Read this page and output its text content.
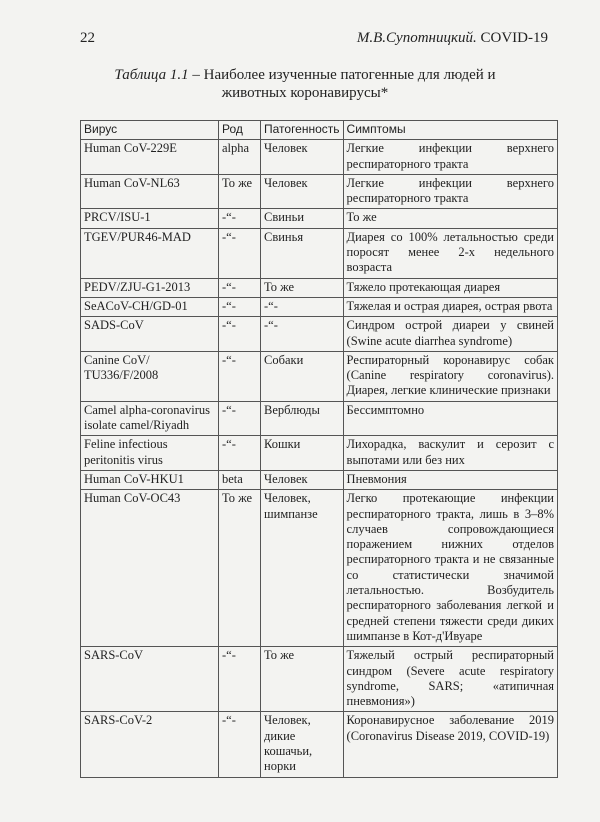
22	М.В.Супотницкий. COVID-19
Таблица 1.1 – Наиболее изученные патогенные для людей и животных коронавирусы*
Вирус	Род	Патогенность	Симптомы
Human CoV-229E	alpha	Человек	Легкие инфекции верхнего респираторного тракта
Human CoV-NL63	То же	Человек	Легкие инфекции верхнего респираторного тракта
PRCV/ISU-1	-“-	Свиньи	То же
TGEV/PUR46-MAD	-“-	Свинья	Диарея со 100% летальностью среди поросят менее 2-х недельного возраста
PEDV/ZJU-G1-2013	-“-	То же	Тяжело протекающая диарея
SeACoV-CH/GD-01	-“-	-“-	Тяжелая и острая диарея, острая рвота
SADS-CoV	-“-	-“-	Синдром острой диареи у свиней (Swine acute diarrhea syndrome)
Canine CoV/ TU336/F/2008	-“-	Собаки	Респираторный коронавирус собак (Canine respiratory coronavirus). Диарея, легкие клинические признаки
Camel alpha-coronavirus isolate camel/Riyadh	-“-	Верблюды	Бессимптомно
Feline infectious peritonitis virus	-“-	Кошки	Лихорадка, васкулит и серозит с выпотами или без них
Human CoV-HKU1	beta	Человек	Пневмония
Human CoV-OC43	То же	Человек, шимпанзе	Легко протекающие инфекции респираторного тракта, лишь в 3–8% случаев сопровождающиеся поражением нижних отделов респираторного тракта и не связанные со статистически значимой летальностью. Возбудитель респираторного заболевания легкой и средней степени тяжести среди диких шимпанзе в Кот-д'Ивуаре
SARS-CoV	-“-	То же	Тяжелый острый респираторный синдром (Severe acute respiratory syndrome, SARS; «атипичная пневмония»)
SARS-CoV-2	-“-	Человек, дикие кошачьи, норки	Коронавирусное заболевание 2019 (Coronavirus Disease 2019, COVID-19)
